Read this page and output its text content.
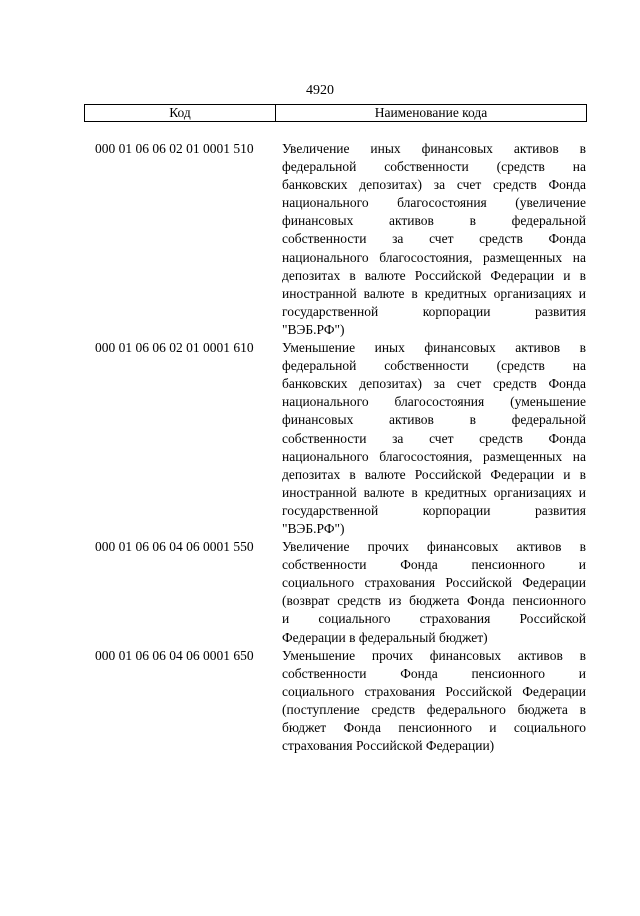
4920
Код	Наименование кода
000 01 06 06 02 01 0001 510	Увеличение иных финансовых активов в
федеральной собственности (средств на
банковских депозитах) за счет средств Фонда
национального благосостояния (увеличение
финансовых активов в федеральной
собственности за счет средств Фонда
национального благосостояния, размещенных на
депозитах в валюте Российской Федерации и в
иностранной валюте в кредитных организациях и
государственной корпорации развития
"ВЭБ.РФ")
000 01 06 06 02 01 0001 610	Уменьшение иных финансовых активов в
федеральной собственности (средств на
банковских депозитах) за счет средств Фонда
национального благосостояния (уменьшение
финансовых активов в федеральной
собственности за счет средств Фонда
национального благосостояния, размещенных на
депозитах в валюте Российской Федерации и в
иностранной валюте в кредитных организациях и
государственной корпорации развития
"ВЭБ.РФ")
000 01 06 06 04 06 0001 550	Увеличение прочих финансовых активов в
собственности Фонда пенсионного и
социального страхования Российской Федерации
(возврат средств из бюджета Фонда пенсионного
и социального страхования Российской
Федерации в федеральный бюджет)
000 01 06 06 04 06 0001 650	Уменьшение прочих финансовых активов в
собственности Фонда пенсионного и
социального страхования Российской Федерации
(поступление средств федерального бюджета в
бюджет Фонда пенсионного и социального
страхования Российской Федерации)
